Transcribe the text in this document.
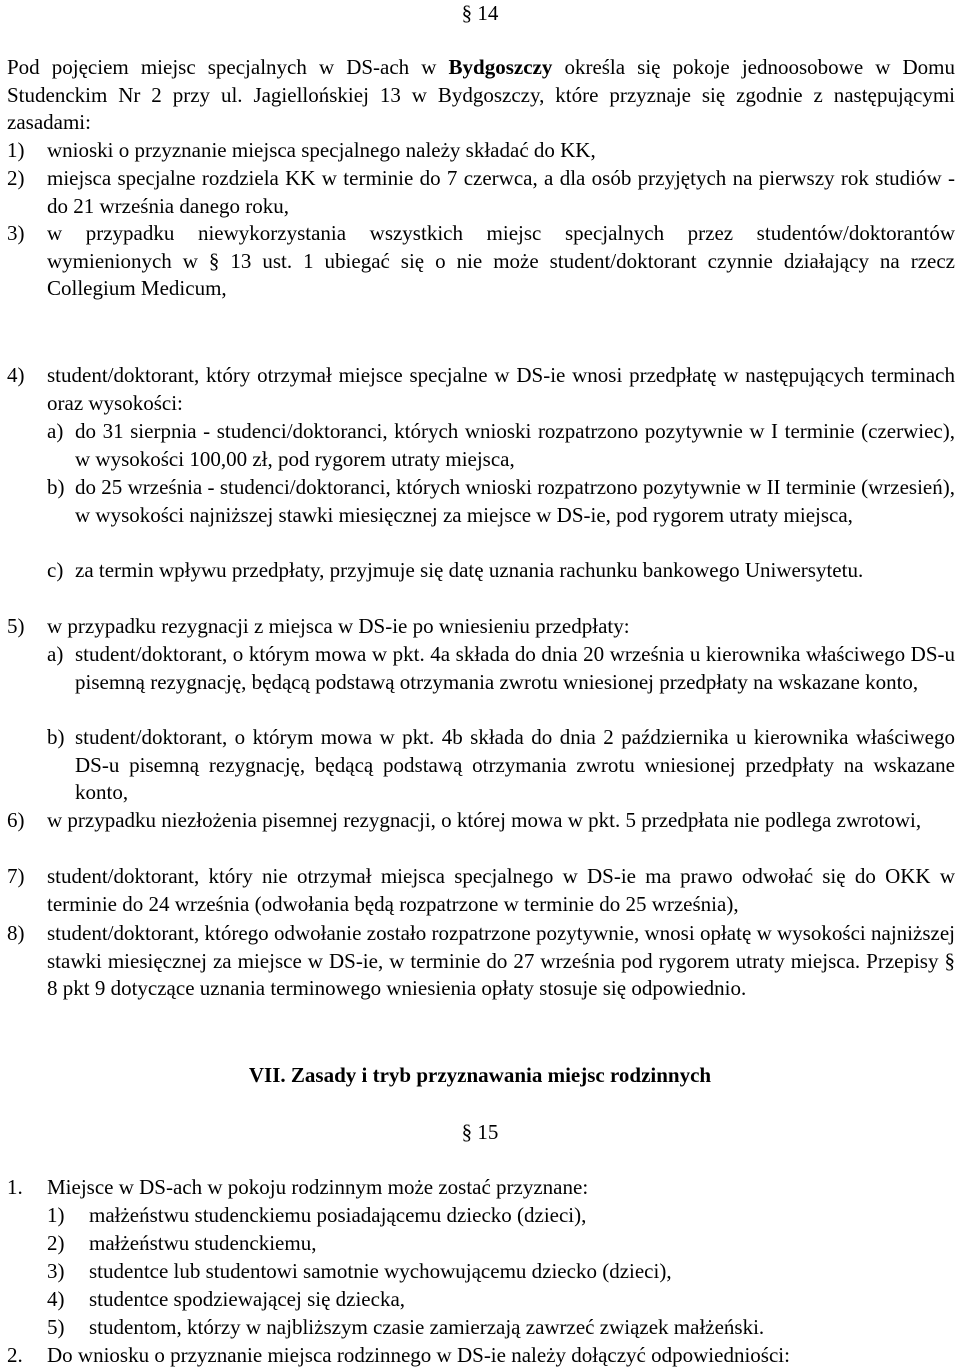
§ 14
Pod pojęciem miejsc specjalnych w DS-ach w Bydgoszczy określa się pokoje jednoosobowe w Domu Studenckim Nr 2 przy ul. Jagiellońskiej 13 w Bydgoszczy, które przyznaje się zgodnie z następującymi zasadami:
1)	wnioski o przyznanie miejsca specjalnego należy składać do KK,
2)	miejsca specjalne rozdziela KK w terminie do 7 czerwca, a dla osób przyjętych na pierwszy rok studiów - do 21 września danego roku,
3)	w przypadku niewykorzystania wszystkich miejsc specjalnych przez studentów/doktorantów wymienionych w § 13 ust. 1 ubiegać się o nie może student/doktorant czynnie działający na rzecz Collegium Medicum,
4)	student/doktorant, który otrzymał miejsce specjalne w DS-ie wnosi przedpłatę w następujących terminach oraz wysokości:
a) do 31 sierpnia - studenci/doktoranci, których wnioski rozpatrzono pozytywnie w I terminie (czerwiec), w wysokości 100,00 zł, pod rygorem utraty miejsca,
b) do 25 września - studenci/doktoranci, których wnioski rozpatrzono pozytywnie w II terminie (wrzesień), w wysokości najniższej stawki miesięcznej za miejsce w DS-ie, pod rygorem utraty miejsca,
c) za termin wpływu przedpłaty, przyjmuje się datę uznania rachunku bankowego Uniwersytetu.
5)	w przypadku rezygnacji z miejsca w DS-ie po wniesieniu przedpłaty:
a) student/doktorant, o którym mowa w pkt. 4a składa do dnia 20 września u kierownika właściwego DS-u pisemną rezygnację, będącą podstawą otrzymania zwrotu wniesionej przedpłaty na wskazane konto,
b) student/doktorant, o którym mowa w pkt. 4b składa do dnia 2 października u kierownika właściwego DS-u pisemną rezygnację, będącą podstawą otrzymania zwrotu wniesionej przedpłaty na wskazane konto,
6)	w przypadku niezłożenia pisemnej rezygnacji, o której mowa w pkt. 5 przedpłata nie podlega zwrotowi,
7)	student/doktorant, który nie otrzymał miejsca specjalnego w DS-ie ma prawo odwołać się do OKK w terminie do 24 września (odwołania będą rozpatrzone w terminie do 25 września),
8)	student/doktorant, którego odwołanie zostało rozpatrzone pozytywnie, wnosi opłatę w wysokości najniższej stawki miesięcznej za miejsce w DS-ie, w terminie do 27 września pod rygorem utraty miejsca. Przepisy § 8 pkt 9 dotyczące uznania terminowego wniesienia opłaty stosuje się odpowiednio.
VII. Zasady i tryb przyznawania miejsc rodzinnych
§ 15
1.	Miejsce w DS-ach w pokoju rodzinnym może zostać przyznane:
1)	małżeństwu studenckiemu posiadającemu dziecko (dzieci),
2)	małżeństwu studenckiemu,
3)	studentce lub studentowi samotnie wychowującemu dziecko (dzieci),
4)	studentce spodziewającej się dziecka,
5)	studentom, którzy w najbliższym czasie zamierzają zawrzeć związek małżeński.
2.	Do wniosku o przyznanie miejsca rodzinnego w DS-ie należy dołączyć odpowiedniości:
